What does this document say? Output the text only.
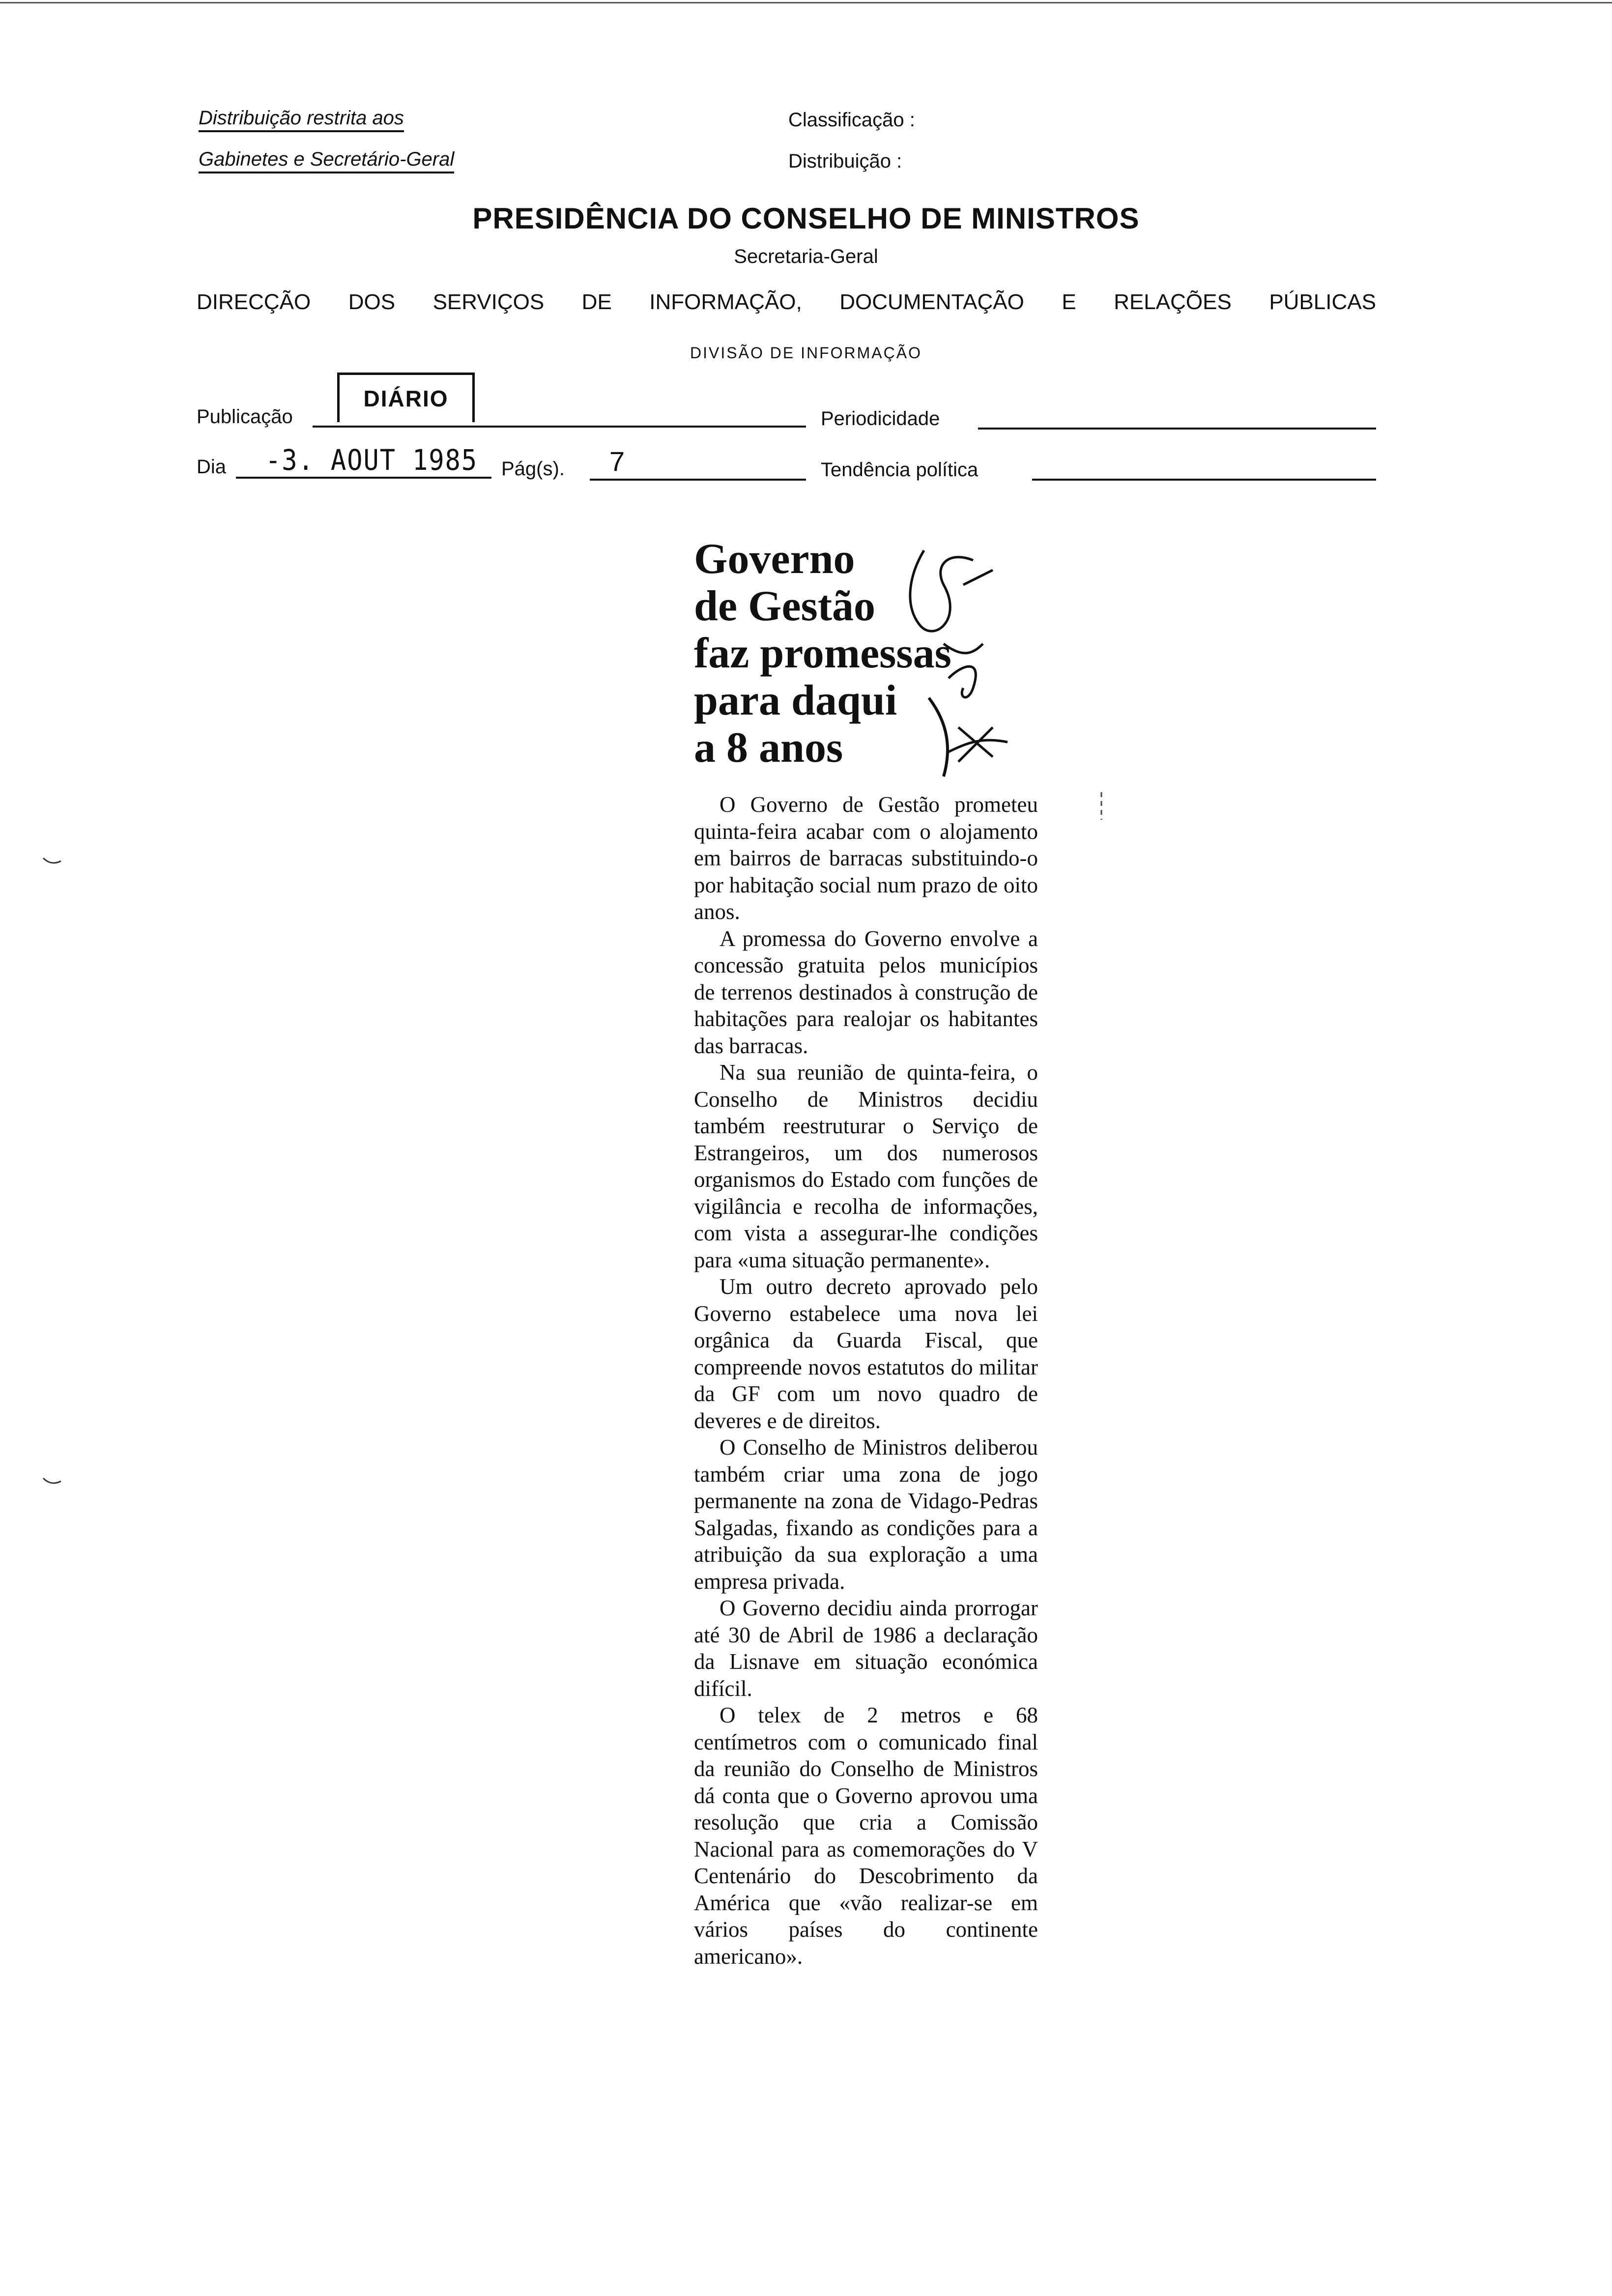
Distribuição restrita aos
Gabinetes e Secretário-Geral
Classificação :
Distribuição :
PRESIDÊNCIA DO CONSELHO DE MINISTROS
Secretaria-Geral
DIRECÇÃO DOS SERVIÇOS DE INFORMAÇÃO, DOCUMENTAÇÃO E RELAÇÕES PÚBLICAS
DIVISÃO DE INFORMAÇÃO
Publicação
DIÁRIO
Periodicidade
Dia -3. AOUT 1985 Pág(s). 7	Tendência política
Governo
de Gestão
faz promessas
para daqui
a 8 anos

O Governo de Gestão prometeu quinta-feira acabar com o alojamento em bairros de barracas substituindo-o por habitação social num prazo de oito anos.

A promessa do Governo envolve a concessão gratuita pelos municípios de terrenos destinados à construção de habitações para realojar os habitantes das barracas.

Na sua reunião de quinta-feira, o Conselho de Ministros decidiu também reestruturar o Serviço de Estrangeiros, um dos numerosos organismos do Estado com funções de vigilância e recolha de informações, com vista a assegurar-lhe condições para «uma situação permanente».

Um outro decreto aprovado pelo Governo estabelece uma nova lei orgânica da Guarda Fiscal, que compreende novos estatutos do militar da GF com um novo quadro de deveres e de direitos.

O Conselho de Ministros deliberou também criar uma zona de jogo permanente na zona de Vidago-Pedras Salgadas, fixando as condições para a atribuição da sua exploração a uma empresa privada.

O Governo decidiu ainda prorrogar até 30 de Abril de 1986 a declaração da Lisnave em situação económica difícil.

O telex de 2 metros e 68 centímetros com o comunicado final da reunião do Conselho de Ministros dá conta que o Governo aprovou uma resolução que cria a Comissão Nacional para as comemorações do V Centenário do Descobrimento da América que «vão realizar-se em vários países do continente americano».
